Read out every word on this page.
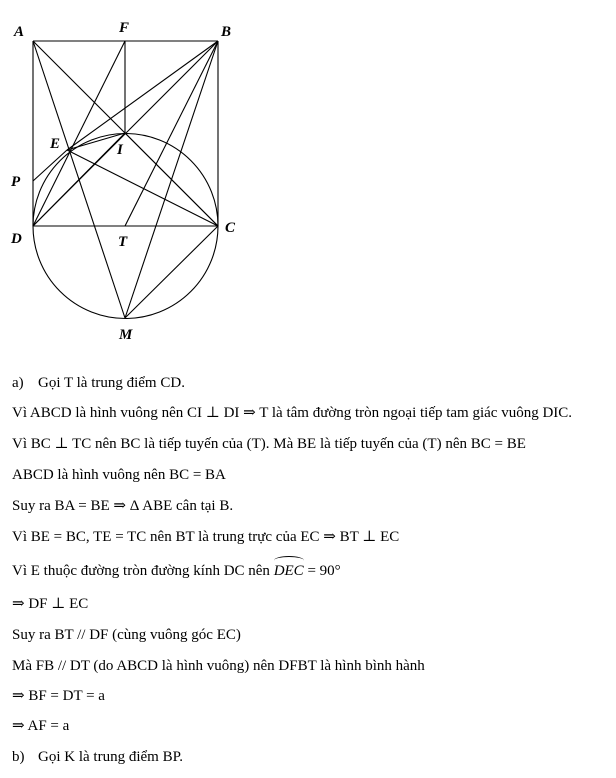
A	F	B
E	I
P
D	T
C
M
a) Gọi T là trung điểm CD.
Vì ABCD là hình vuông nên CI ⊥ DI ⇒ T là tâm đường tròn ngoại tiếp tam giác vuông DIC.
Vì BC ⊥ TC nên BC là tiếp tuyến của (T). Mà BE là tiếp tuyến của (T) nên BC = BE
ABCD là hình vuông nên BC = BA
Suy ra BA = BE ⇒ Δ ABE cân tại B.
Vì BE = BC, TE = TC nên BT là trung trực của EC ⇒ BT ⊥ EC
Vì E thuộc đường tròn đường kính DC nên
DEC = 90°
⇒ DF ⊥ EC
Suy ra BT // DF (cùng vuông góc EC)
Mà FB // DT (do ABCD là hình vuông) nên DFBT là hình bình hành
⇒ BF = DT = a
⇒ AF = a
b) Gọi K là trung điểm BP.
